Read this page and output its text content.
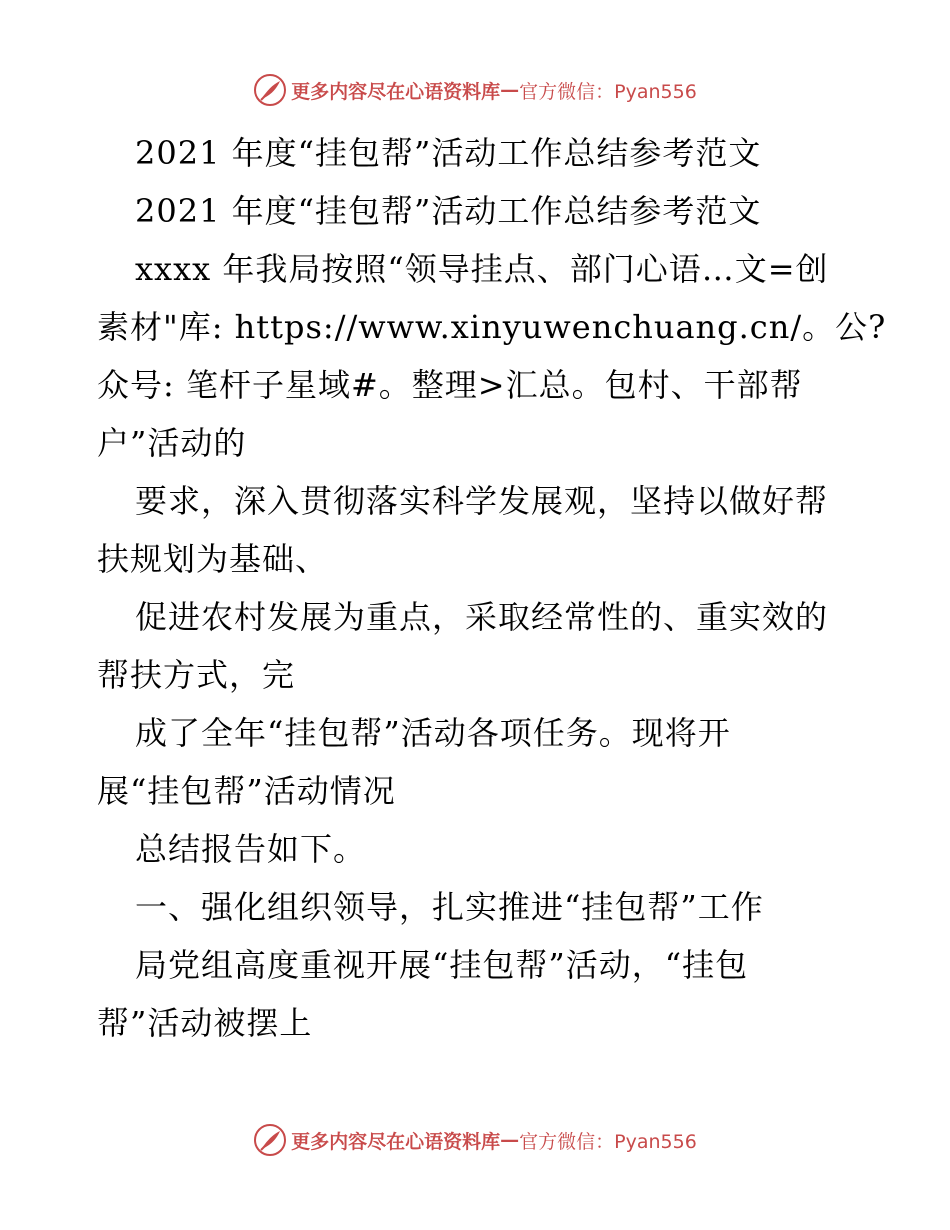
更多内容尽在心语资料库 — 官方微信：Pyan556
2021 年度“挂包帮”活动工作总结参考范文
2021 年度“挂包帮”活动工作总结参考范文
xxxx 年我局按照“领导挂点、部门心语…文=创
素材"库: https://www.xinyuwenchuang.cn/。公?
众号: 笔杆子星域#。整理>汇总。包村、干部帮
户”活动的
要求，深入贯彻落实科学发展观，坚持以做好帮
扶规划为基础、
促进农村发展为重点，采取经常性的、重实效的
帮扶方式，完
成了全年“挂包帮”活动各项任务。现将开
展“挂包帮”活动情况
总结报告如下。
一、强化组织领导，扎实推进“挂包帮”工作
局党组高度重视开展“挂包帮”活动，“挂包
帮”活动被摆上
更多内容尽在心语资料库 — 官方微信：Pyan556
